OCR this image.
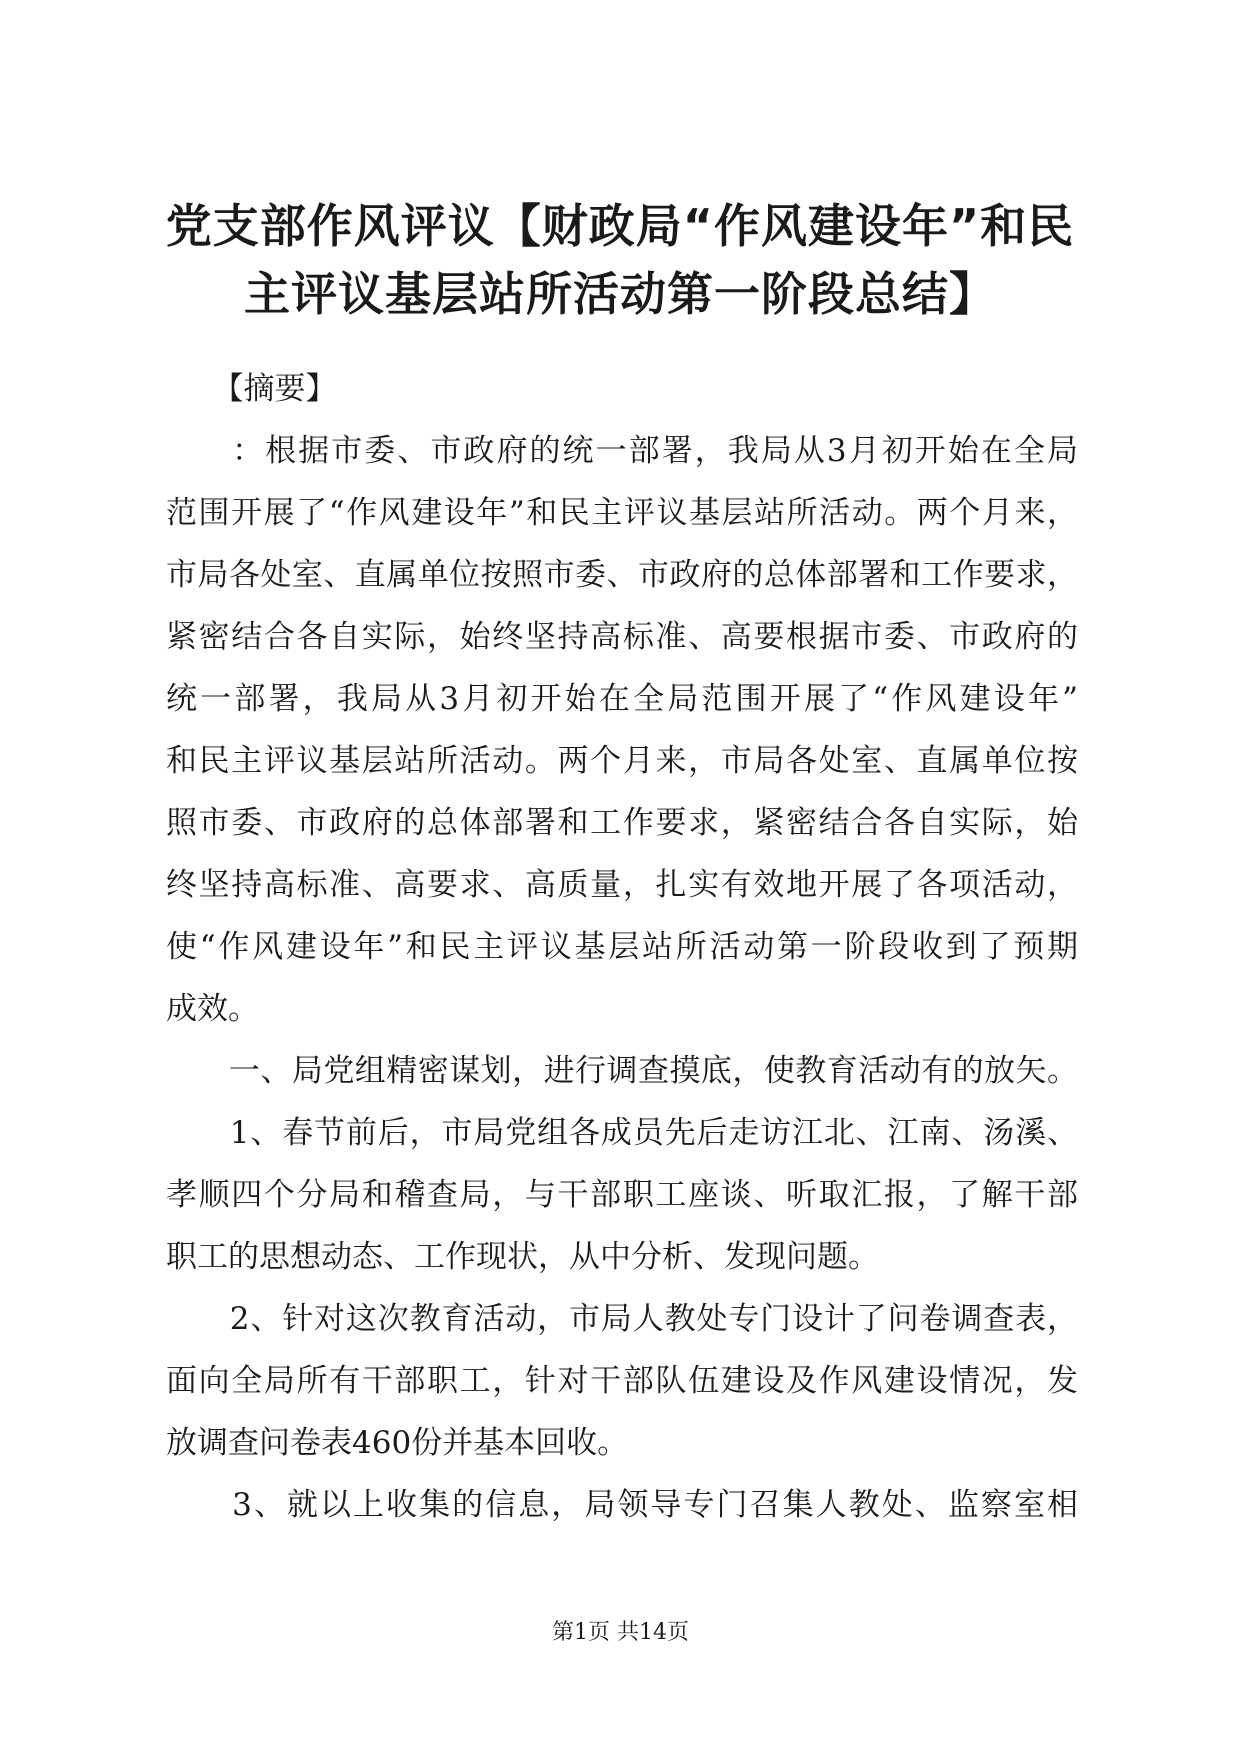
党支部作风评议【财政局“作风建设年”和民
主评议基层站所活动第一阶段总结】
　　【摘要】
　　：根据市委、市政府的统一部署，我局从3月初开始在全局
范围开展了“作风建设年”和民主评议基层站所活动。两个月来，
市局各处室、直属单位按照市委、市政府的总体部署和工作要求，
紧密结合各自实际，始终坚持高标准、高要根据市委、市政府的
统一部署，我局从3月初开始在全局范围开展了“作风建设年”
和民主评议基层站所活动。两个月来，市局各处室、直属单位按
照市委、市政府的总体部署和工作要求，紧密结合各自实际，始
终坚持高标准、高要求、高质量，扎实有效地开展了各项活动，
使“作风建设年”和民主评议基层站所活动第一阶段收到了预期
成效。
　　一、局党组精密谋划，进行调查摸底，使教育活动有的放矢。
　　1、春节前后，市局党组各成员先后走访江北、江南、汤溪、
孝顺四个分局和稽查局，与干部职工座谈、听取汇报，了解干部
职工的思想动态、工作现状，从中分析、发现问题。
　　2、针对这次教育活动，市局人教处专门设计了问卷调查表，
面向全局所有干部职工，针对干部队伍建设及作风建设情况，发
放调查问卷表460份并基本回收。
　　3、就以上收集的信息，局领导专门召集人教处、监察室相
第1页 共14页
